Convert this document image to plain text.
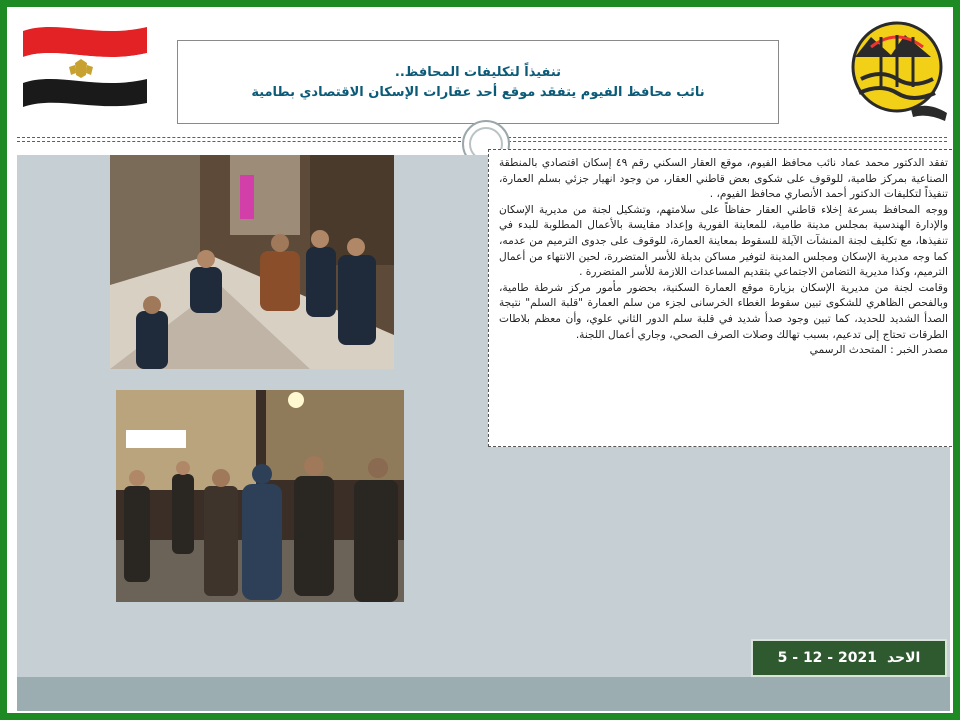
تنفيذاً لتكليفات المحافظ..
نائب محافظ الفيوم يتفقد موقع أحد عقارات الإسكان الاقتصادي بطامية

تفقد الدكتور محمد عماد نائب محافظ الفيوم، موقع العقار السكني رقم ٤٩ إسكان اقتصادي بالمنطقة الصناعية بمركز طامية، للوقوف على شكوى بعض قاطني العقار، من وجود انهيار جزئي بسلم العمارة، تنفيذاً لتكليفات الدكتور أحمد الأنصاري محافظ الفيوم، .

ووجه المحافظ بسرعة إخلاء قاطني العقار حفاظاً على سلامتهم، وتشكيل لجنة من مديرية الإسكان والإدارة الهندسية بمجلس مدينة طامية، للمعاينة الفورية وإعداد مقايسة بالأعمال المطلوبة للبدء في تنفيذها، مع تكليف لجنة المنشآت الآيلة للسقوط بمعاينة العمارة، للوقوف على جدوى الترميم من عدمه، كما وجه مديرية الإسكان ومجلس المدينة لتوفير مساكن بديلة للأسر المتضررة، لحين الانتهاء من أعمال الترميم، وكذا مديرية التضامن الاجتماعي بتقديم المساعدات اللازمة للأسر المتضررة .

وقامت لجنة من مديرية الإسكان بزيارة موقع العمارة السكنية، بحضور مأمور مركز شرطة طامية، وبالفحص الظاهري للشكوى تبين سقوط الغطاء الخرسانى لجزء من سلم العمارة "قلبة السلم" نتيجة الصدأ الشديد للحديد، كما تبين وجود صدأ شديد في قلبة سلم الدور الثاني علوي، وأن معظم بلاطات الطرقات تحتاج إلى تدعيم، بسبب تهالك وصلات الصرف الصحي، وجاري أعمال اللجنة.

مصدر الخبر : المتحدث الرسمي

الاحد
5 - 12 - 2021
